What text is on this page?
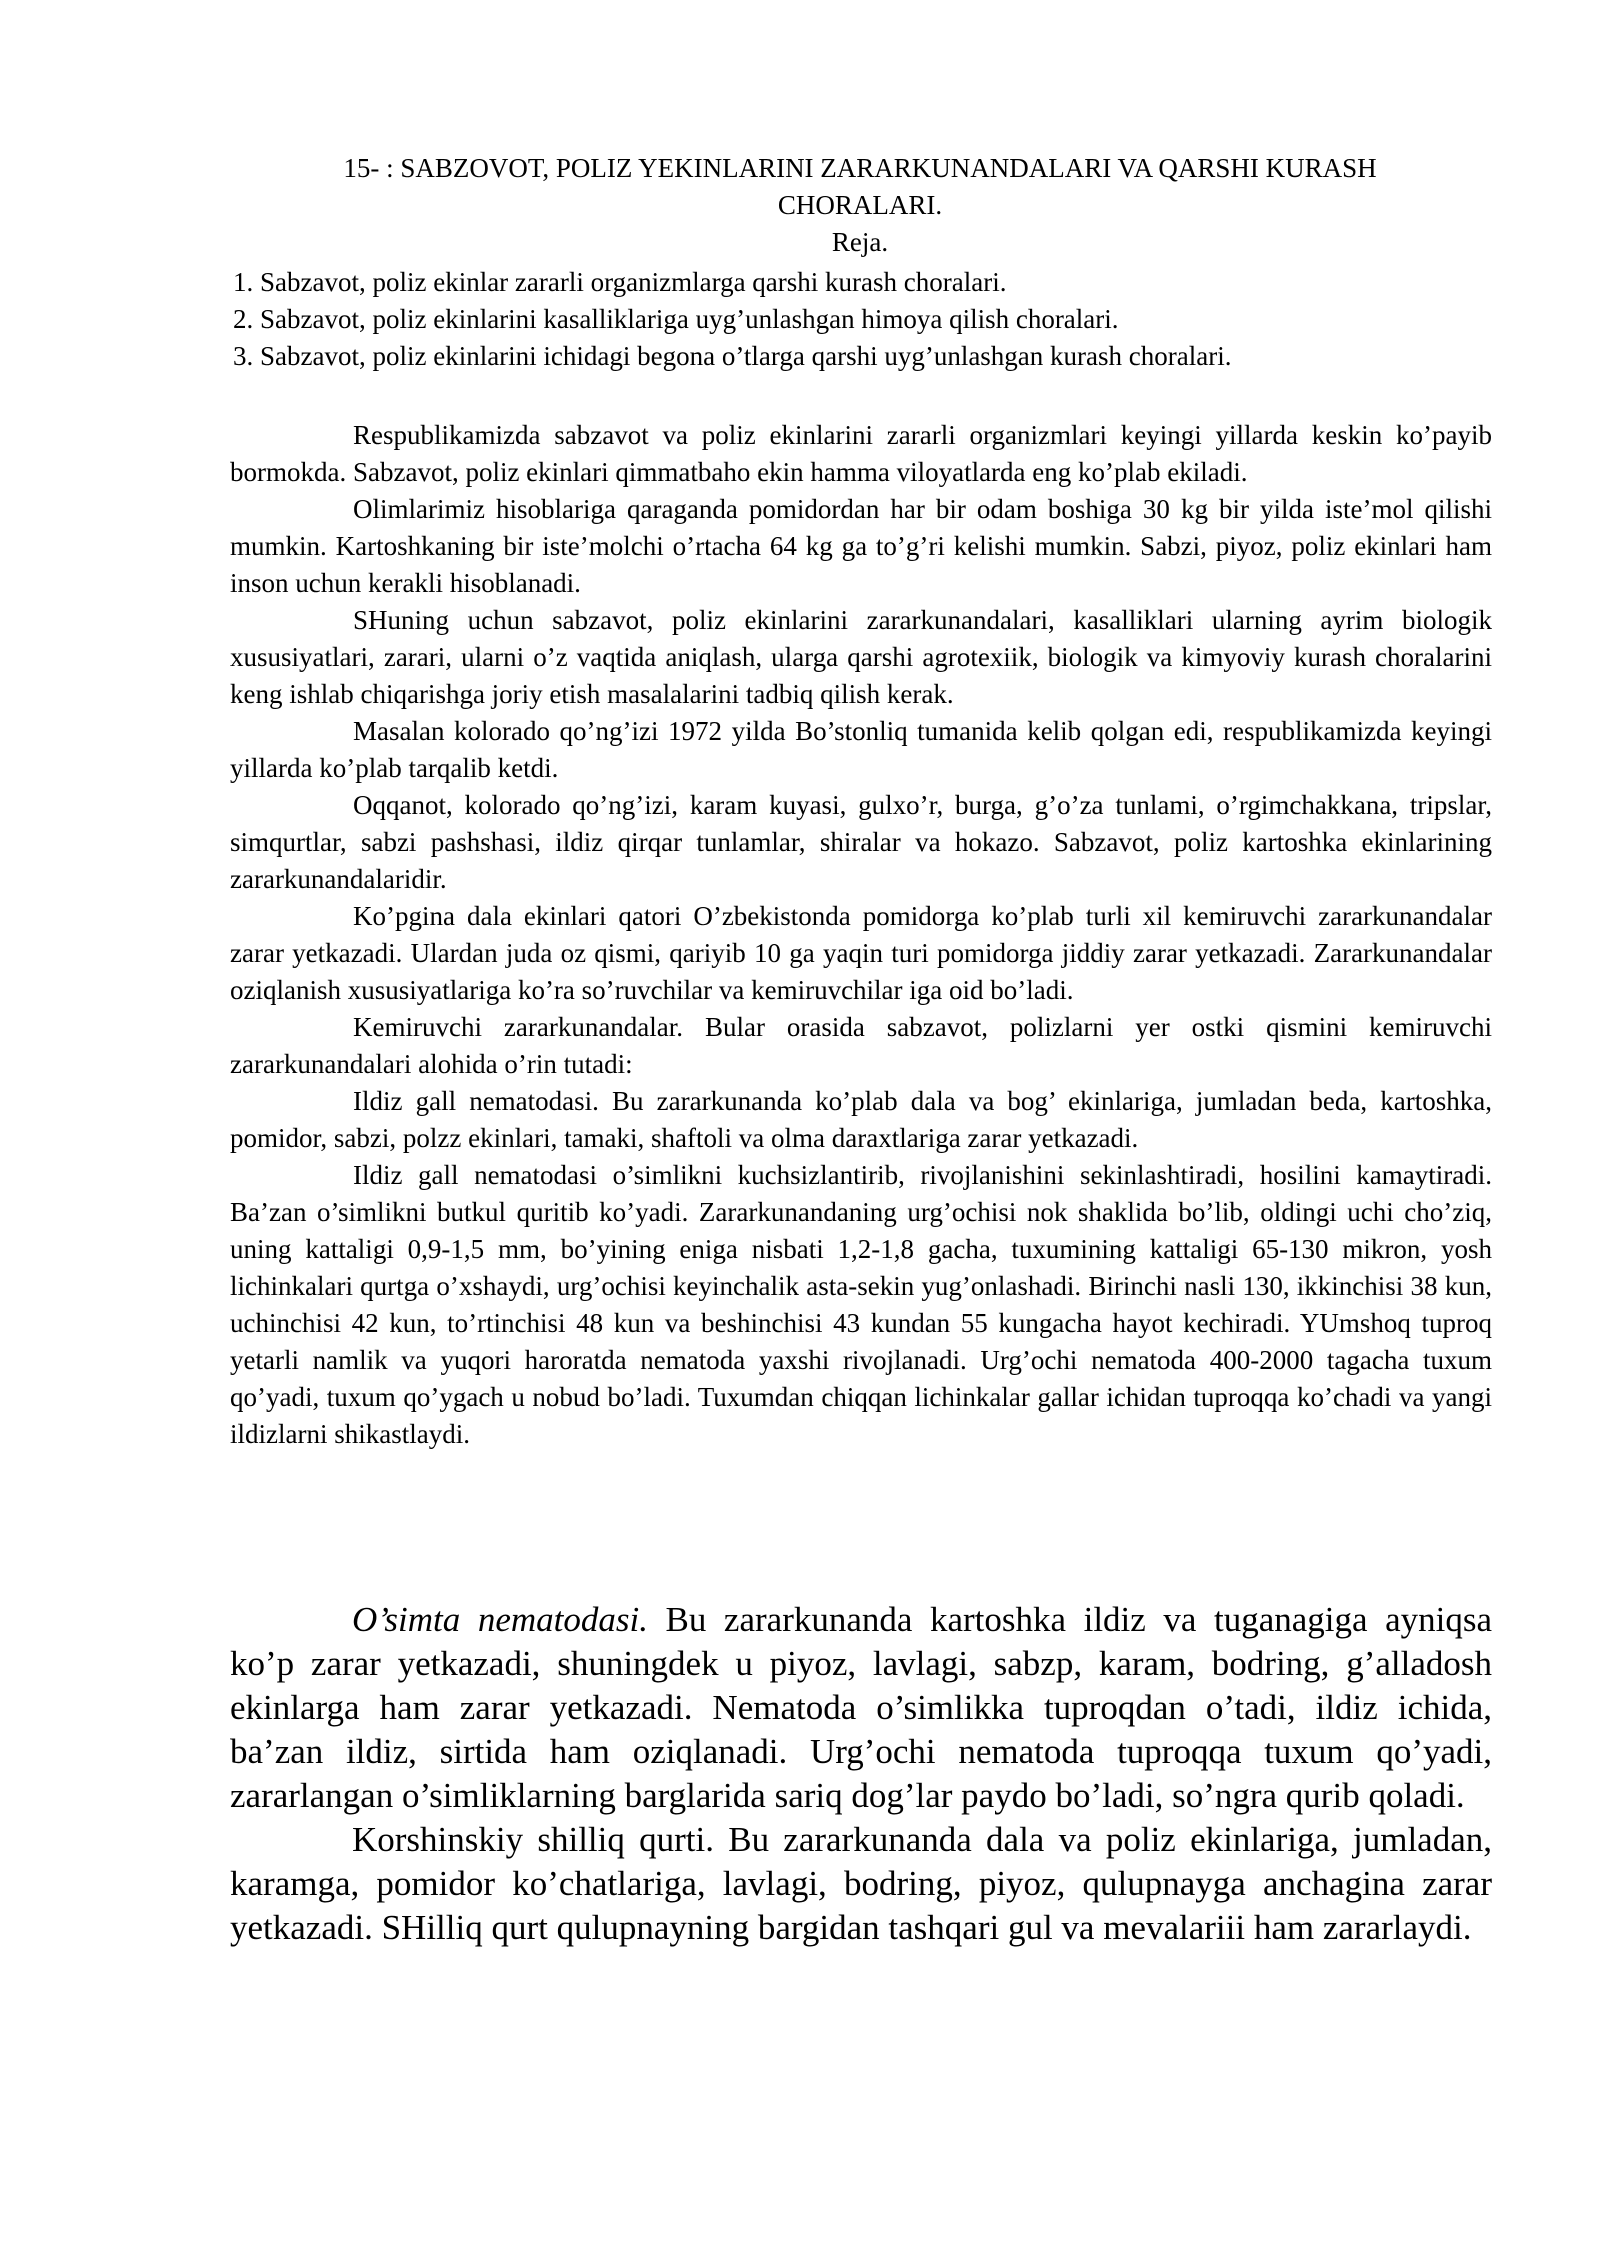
15- : SABZOVOT, POLIZ YEKINLARINI ZARARKUNANDALARI VA QARSHI KURASH
CHORALARI.
Reja.
1. Sabzavot, poliz ekinlar zararli organizmlarga qarshi kurash choralari.
2. Sabzavot, poliz ekinlarini kasalliklariga uyg’unlashgan himoya qilish choralari.
3. Sabzavot, poliz ekinlarini ichidagi begona o’tlarga qarshi uyg’unlashgan kurash choralari.

Respublikamizda sabzavot va poliz ekinlarini zararli organizmlari keyingi yillarda keskin ko’payib bormokda. Sabzavot, poliz ekinlari qimmatbaho ekin hamma viloyatlarda eng ko’plab ekiladi.

Olimlarimiz hisoblariga qaraganda pomidordan har bir odam boshiga 30 kg bir yilda iste’mol qilishi mumkin. Kartoshkaning bir iste’molchi o’rtacha 64 kg ga to’g’ri kelishi mumkin. Sabzi, piyoz, poliz ekinlari ham inson uchun kerakli hisoblanadi.

SHuning uchun sabzavot, poliz ekinlarini zararkunandalari, kasalliklari ularning ayrim biologik xususiyatlari, zarari, ularni o’z vaqtida aniqlash, ularga qarshi agrotexiik, biologik va kimyoviy kurash choralarini keng ishlab chiqarishga joriy etish masalalarini tadbiq qilish kerak.

Masalan kolorado qo’ng’izi 1972 yilda Bo’stonliq tumanida kelib qolgan edi, respublikamizda keyingi yillarda ko’plab tarqalib ketdi.

Oqqanot, kolorado qo’ng’izi, karam kuyasi, gulxo’r, burga, g’o’za tunlami, o’rgimchakkana, tripslar, simqurtlar, sabzi pashshasi, ildiz qirqar tunlamlar, shiralar va hokazo. Sabzavot, poliz kartoshka ekinlarining zararkunandalaridir.

Ko’pgina dala ekinlari qatori O’zbekistonda pomidorga ko’plab turli xil kemiruvchi zararkunandalar zarar yetkazadi. Ulardan juda oz qismi, qariyib 10 ga yaqin turi pomidorga jiddiy zarar yetkazadi. Zararkunandalar oziqlanish xususiyatlariga ko’ra so’ruvchilar va kemiruvchilar iga oid bo’ladi.

Kemiruvchi zararkunandalar. Bular orasida sabzavot, polizlarni yer ostki qismini kemiruvchi zararkunandalari alohida o’rin tutadi:

Ildiz gall nematodasi. Bu zararkunanda ko’plab dala va bog’ ekinlariga, jumladan beda, kartoshka, pomidor, sabzi, polzz ekinlari, tamaki, shaftoli va olma daraxtlariga zarar yetkazadi.

Ildiz gall nematodasi o’simlikni kuchsizlantirib, rivojlanishini sekinlashtiradi, hosilini kamaytiradi. Ba’zan o’simlikni butkul quritib ko’yadi. Zararkunandaning urg’ochisi nok shaklida bo’lib, oldingi uchi cho’ziq, uning kattaligi 0,9-1,5 mm, bo’yining eniga nisbati 1,2-1,8 gacha, tuxumining kattaligi 65-130 mikron, yosh lichinkalari qurtga o’xshaydi, urg’ochisi keyinchalik asta-sekin yug’onlashadi. Birinchi nasli 130, ikkinchisi 38 kun, uchinchisi 42 kun, to’rtinchisi 48 kun va beshinchisi 43 kundan 55 kungacha hayot kechiradi. YUmshoq tuproq yetarli namlik va yuqori haroratda nematoda yaxshi rivojlanadi. Urg’ochi nematoda 400-2000 tagacha tuxum qo’yadi, tuxum qo’ygach u nobud bo’ladi. Tuxumdan chiqqan lichinkalar gallar ichidan tuproqqa ko’chadi va yangi ildizlarni shikastlaydi.

O’simta nematodasi. Bu zararkunanda kartoshka ildiz va tuganagiga ayniqsa ko’p zarar yetkazadi, shuningdek u piyoz, lavlagi, sabzp, karam, bodring, g’alladosh ekinlarga ham zarar yetkazadi. Nematoda o’simlikka tuproqdan o’tadi, ildiz ichida, ba’zan ildiz, sirtida ham oziqlanadi. Urg’ochi nematoda tuproqqa tuxum qo’yadi, zararlangan o’simliklarning barglarida sariq dog’lar paydo bo’ladi, so’ngra qurib qoladi.

Korshinskiy shilliq qurti. Bu zararkunanda dala va poliz ekinlariga, jumladan, karamga, pomidor ko’chatlariga, lavlagi, bodring, piyoz, qulupnayga anchagina zarar yetkazadi. SHilliq qurt qulupnayning bargidan tashqari gul va mevalariii ham zararlaydi.
